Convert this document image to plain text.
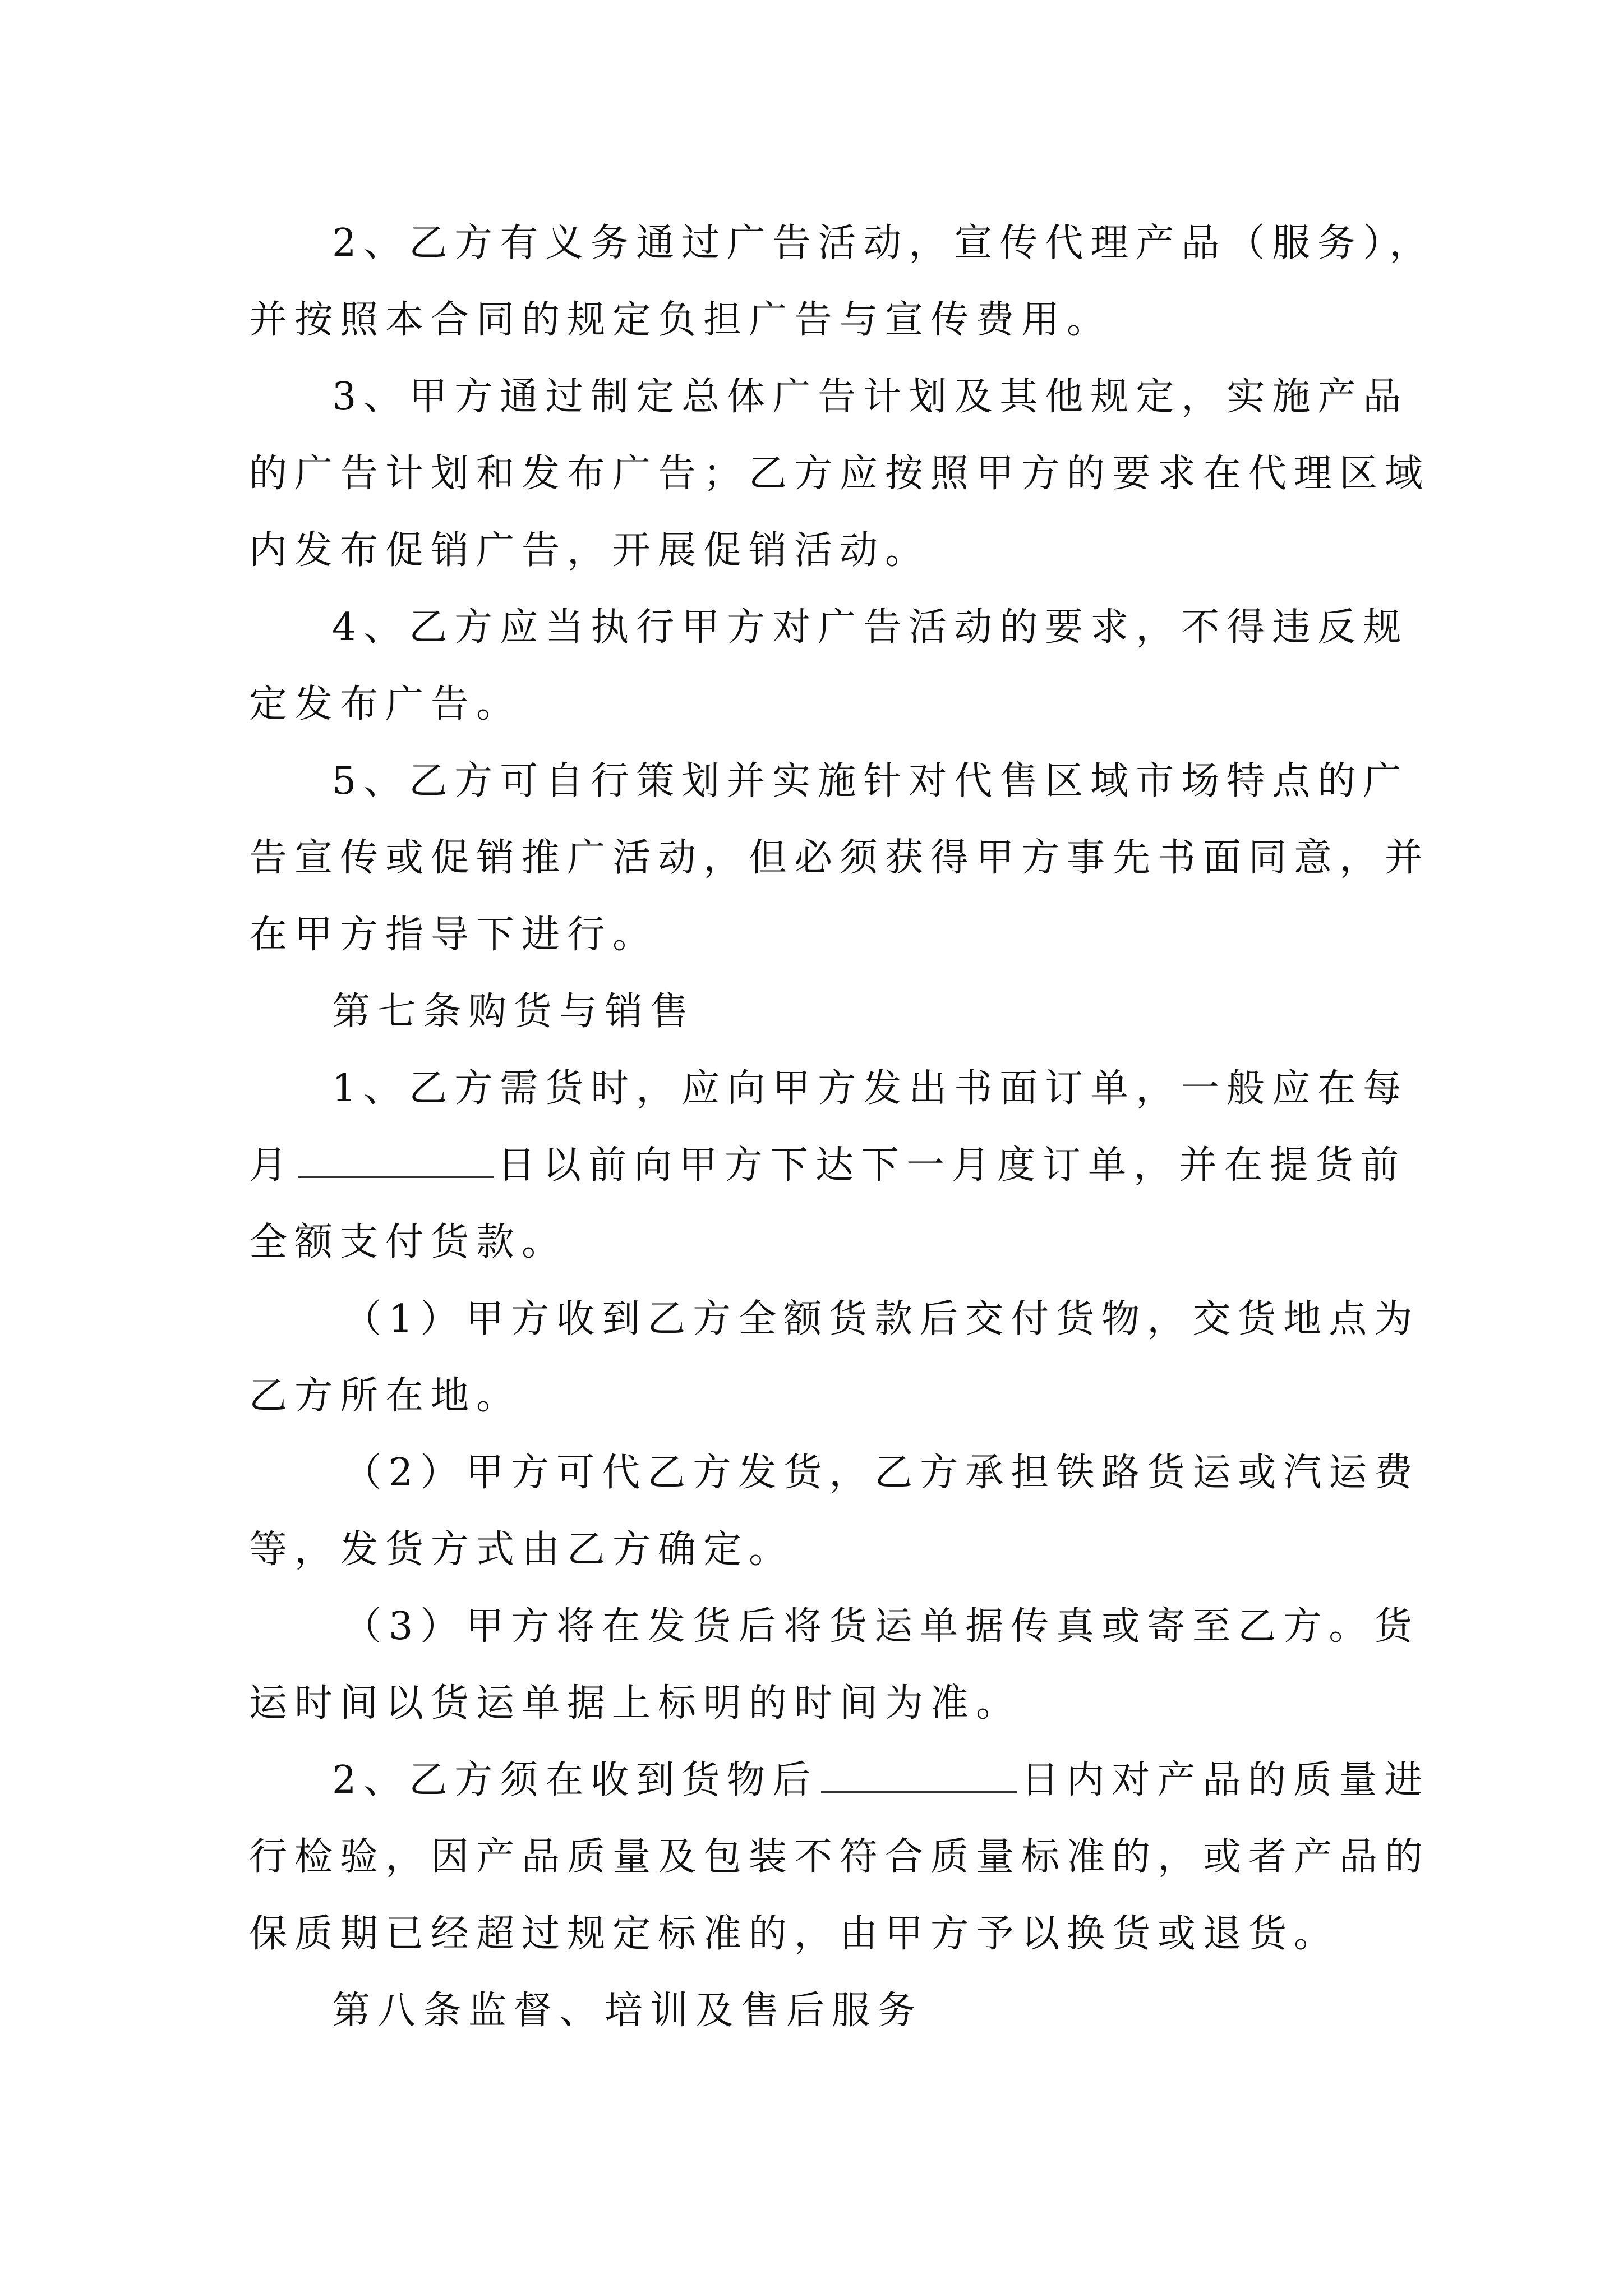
2、乙方有义务通过广告活动，宣传代理产品（服务），
并按照本合同的规定负担广告与宣传费用。
3、甲方通过制定总体广告计划及其他规定，实施产品
的广告计划和发布广告；乙方应按照甲方的要求在代理区域
内发布促销广告，开展促销活动。
4、乙方应当执行甲方对广告活动的要求，不得违反规
定发布广告。
5、乙方可自行策划并实施针对代售区域市场特点的广
告宣传或促销推广活动，但必须获得甲方事先书面同意，并
在甲方指导下进行。
第七条购货与销售
1、乙方需货时，应向甲方发出书面订单，一般应在每
月	日以前向甲方下达下一月度订单，并在提货前
全额支付货款。
（1）甲方收到乙方全额货款后交付货物，交货地点为
乙方所在地。
（2）甲方可代乙方发货，乙方承担铁路货运或汽运费
等，发货方式由乙方确定。
（3）甲方将在发货后将货运单据传真或寄至乙方。货
运时间以货运单据上标明的时间为准。
2、乙方须在收到货物后	日内对产品的质量进
行检验，因产品质量及包装不符合质量标准的，或者产品的
保质期已经超过规定标准的，由甲方予以换货或退货。
第八条监督、培训及售后服务
